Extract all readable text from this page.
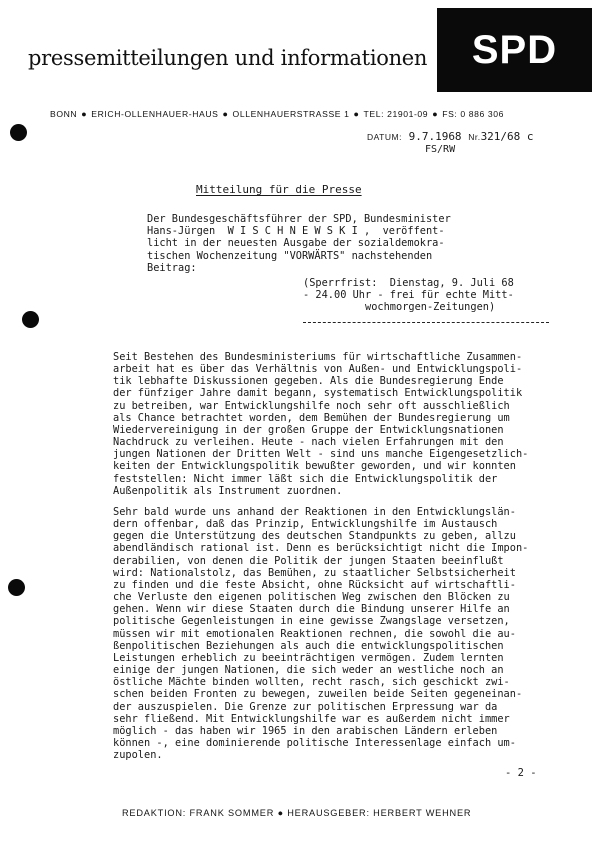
pressemitteilungen und informationen	SPD
BONN ● ERICH-OLLENHAUER-HAUS ● OLLENHAUERSTRASSE 1 ● TEL: 21901-09 ● FS: 0 886 306
DATUM: 9.7.1968 Nr.321/68 c
FS/RW
Mitteilung für die Presse
Der Bundesgeschäftsführer der SPD, Bundesminister
Hans-Jürgen  W I S C H N E W S K I ,  veröffent-
licht in der neuesten Ausgabe der sozialdemokra-
tischen Wochenzeitung "VORWÄRTS" nachstehenden
Beitrag:
(Sperrfrist:  Dienstag, 9. Juli 68
- 24.00 Uhr - frei für echte Mitt-
wochmorgen-Zeitungen)
Seit Bestehen des Bundesministeriums für wirtschaftliche Zusammen-
arbeit hat es über das Verhältnis von Außen- und Entwicklungspoli-
tik lebhafte Diskussionen gegeben. Als die Bundesregierung Ende
der fünfziger Jahre damit begann, systematisch Entwicklungspolitik
zu betreiben, war Entwicklungshilfe noch sehr oft ausschließlich
als Chance betrachtet worden, dem Bemühen der Bundesregierung um
Wiedervereinigung in der großen Gruppe der Entwicklungsnationen
Nachdruck zu verleihen. Heute - nach vielen Erfahrungen mit den
jungen Nationen der Dritten Welt - sind uns manche Eigengesetzlich-
keiten der Entwicklungspolitik bewußter geworden, und wir konnten
feststellen: Nicht immer läßt sich die Entwicklungspolitik der
Außenpolitik als Instrument zuordnen.
Sehr bald wurde uns anhand der Reaktionen in den Entwicklungslän-
dern offenbar, daß das Prinzip, Entwicklungshilfe im Austausch
gegen die Unterstützung des deutschen Standpunkts zu geben, allzu
abendländisch rational ist. Denn es berücksichtigt nicht die Impon-
derabilien, von denen die Politik der jungen Staaten beeinflußt
wird: Nationalstolz, das Bemühen, zu staatlicher Selbstsicherheit
zu finden und die feste Absicht, ohne Rücksicht auf wirtschaftli-
che Verluste den eigenen politischen Weg zwischen den Blöcken zu
gehen. Wenn wir diese Staaten durch die Bindung unserer Hilfe an
politische Gegenleistungen in eine gewisse Zwangslage versetzen,
müssen wir mit emotionalen Reaktionen rechnen, die sowohl die au-
ßenpolitischen Beziehungen als auch die entwicklungspolitischen
Leistungen erheblich zu beeinträchtigen vermögen. Zudem lernten
einige der jungen Nationen, die sich weder an westliche noch an
östliche Mächte binden wollten, recht rasch, sich geschickt zwi-
schen beiden Fronten zu bewegen, zuweilen beide Seiten gegeneinan-
der auszuspielen. Die Grenze zur politischen Erpressung war da
sehr fließend. Mit Entwicklungshilfe war es außerdem nicht immer
möglich - das haben wir 1965 in den arabischen Ländern erleben
können -, eine dominierende politische Interessenlage einfach um-
zupolen.
- 2 -
REDAKTION: FRANK SOMMER ● HERAUSGEBER: HERBERT WEHNER
